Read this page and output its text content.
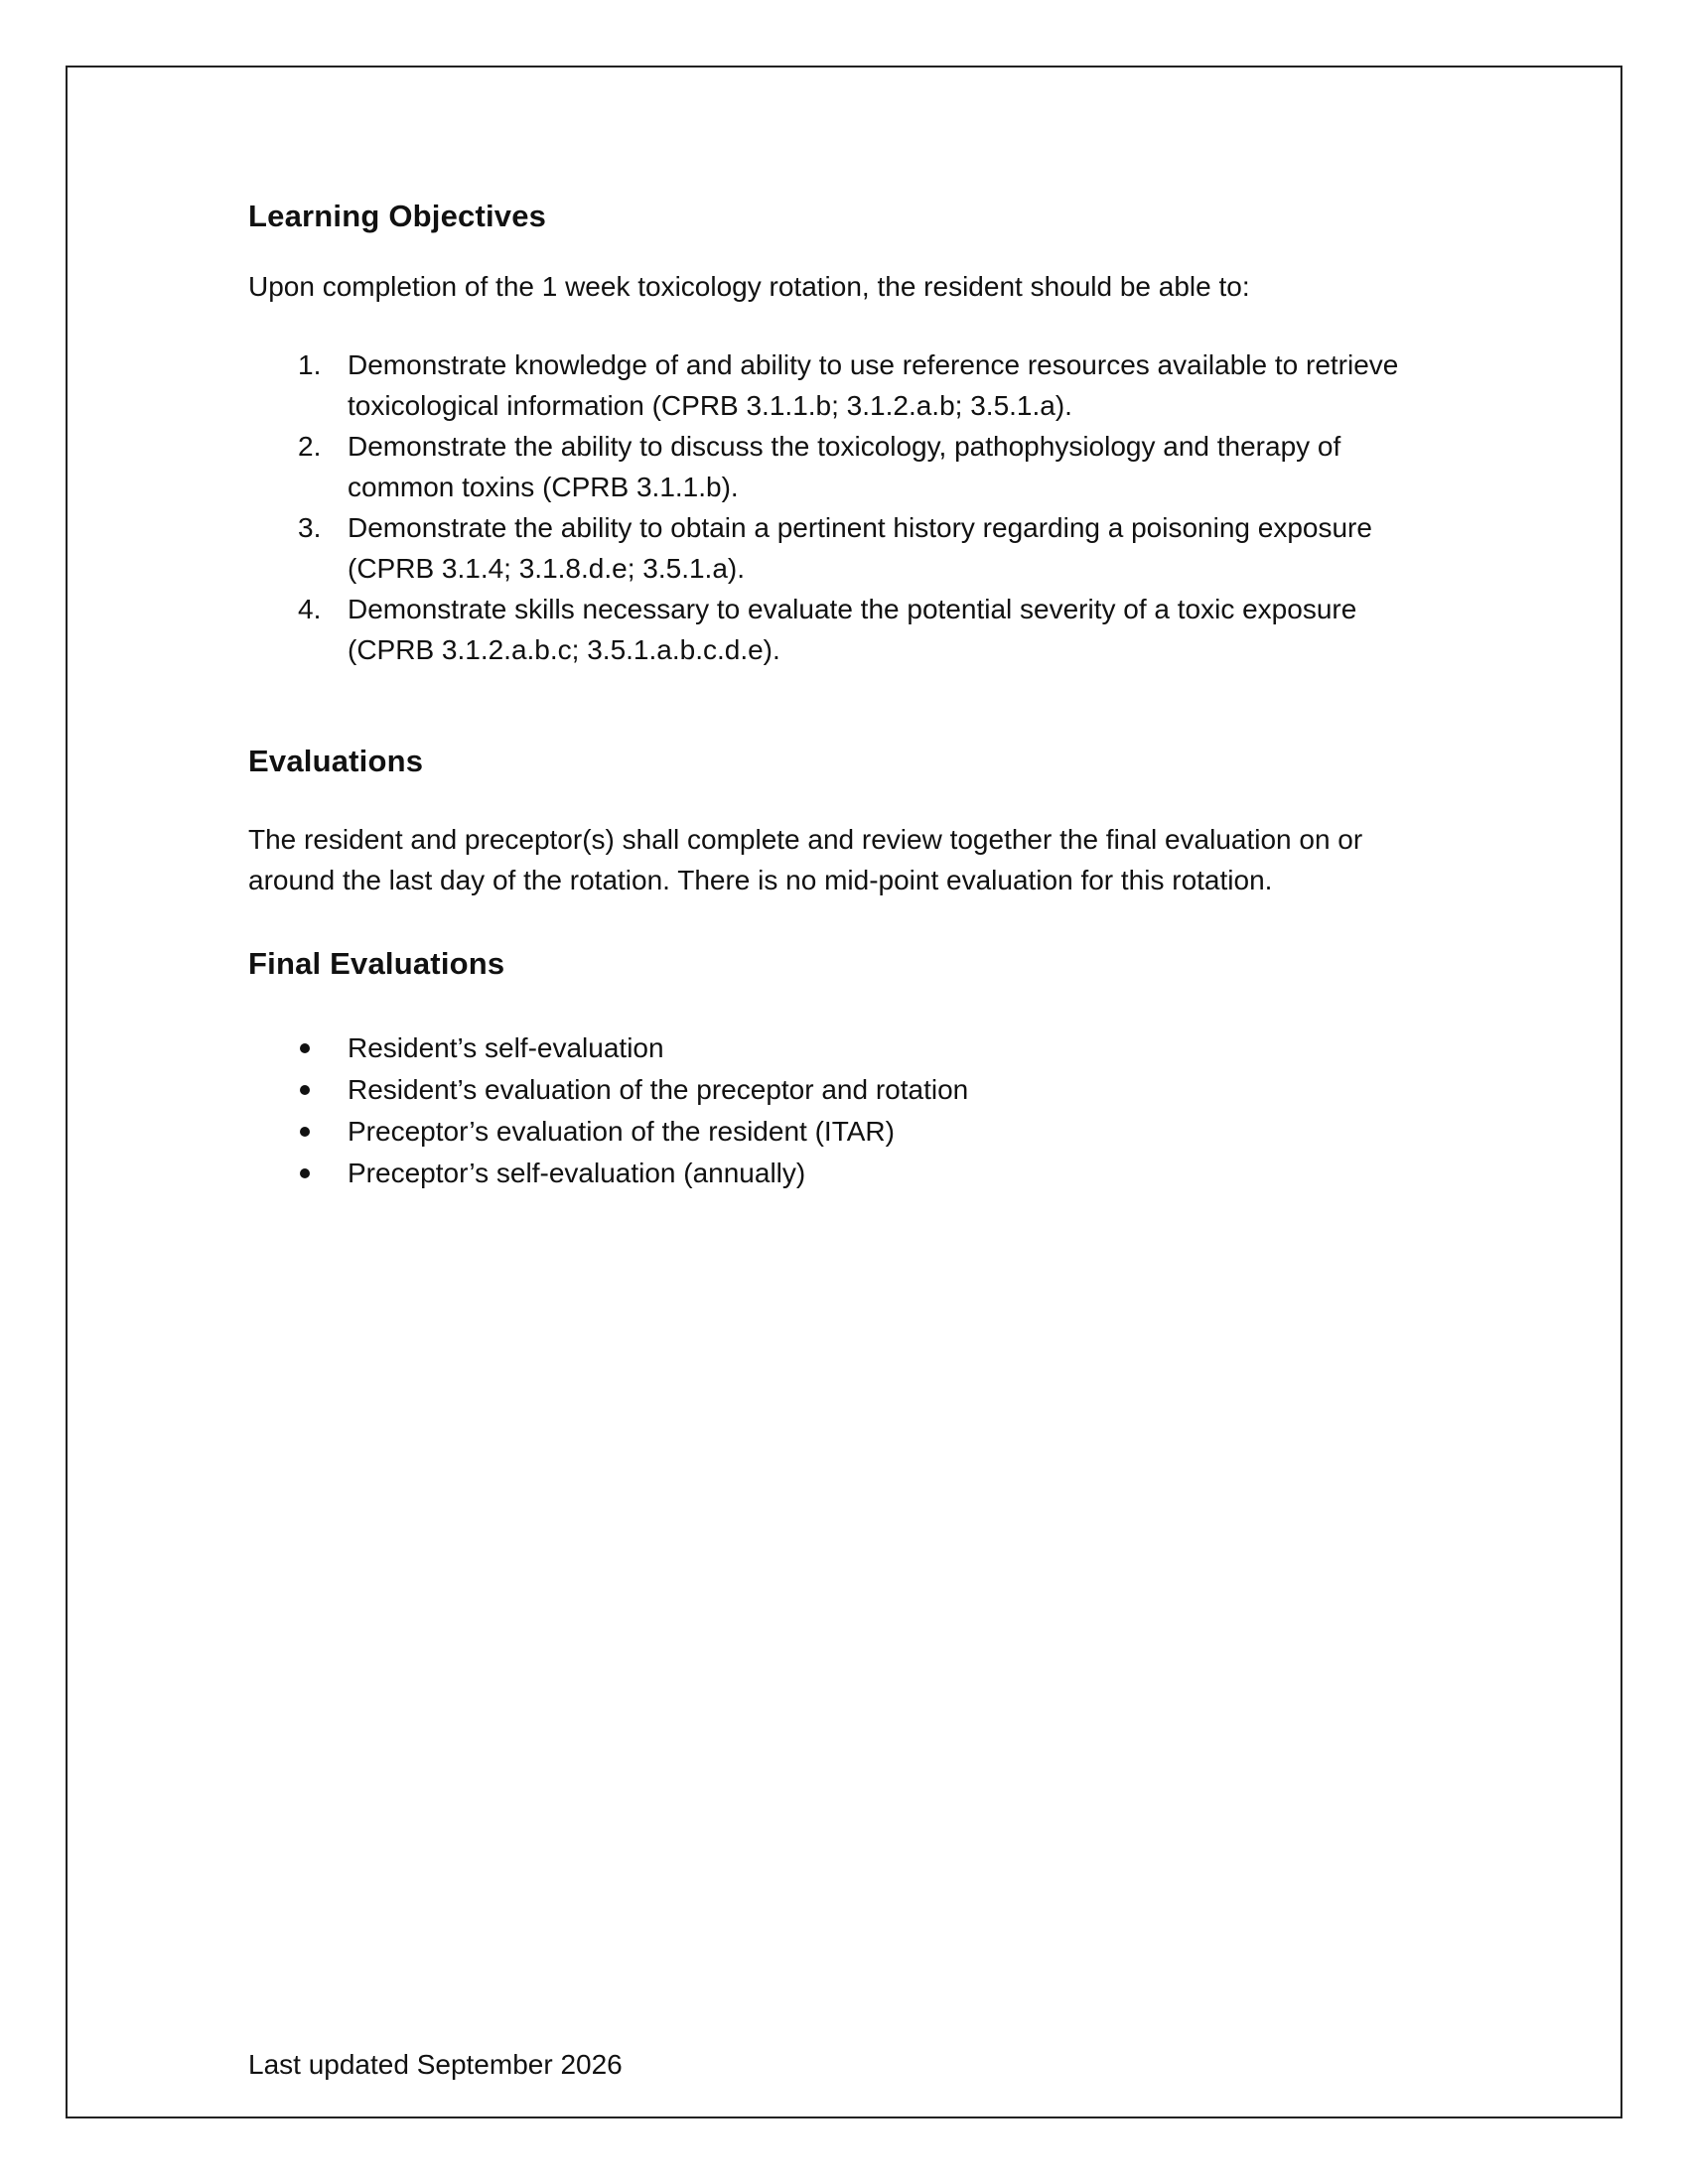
Learning Objectives

Upon completion of the 1 week toxicology rotation, the resident should be able to:

1. Demonstrate knowledge of and ability to use reference resources available to retrieve toxicological information (CPRB 3.1.1.b; 3.1.2.a.b; 3.5.1.a).
2. Demonstrate the ability to discuss the toxicology, pathophysiology and therapy of common toxins (CPRB 3.1.1.b).
3. Demonstrate the ability to obtain a pertinent history regarding a poisoning exposure (CPRB 3.1.4; 3.1.8.d.e; 3.5.1.a).
4. Demonstrate skills necessary to evaluate the potential severity of a toxic exposure (CPRB 3.1.2.a.b.c; 3.5.1.a.b.c.d.e).
Evaluations

The resident and preceptor(s) shall complete and review together the final evaluation on or around the last day of the rotation. There is no mid-point evaluation for this rotation.

Final Evaluations
Resident’s self-evaluation
Resident’s evaluation of the preceptor and rotation
Preceptor’s evaluation of the resident (ITAR)
Preceptor’s self-evaluation (annually)
Last updated September 2026
